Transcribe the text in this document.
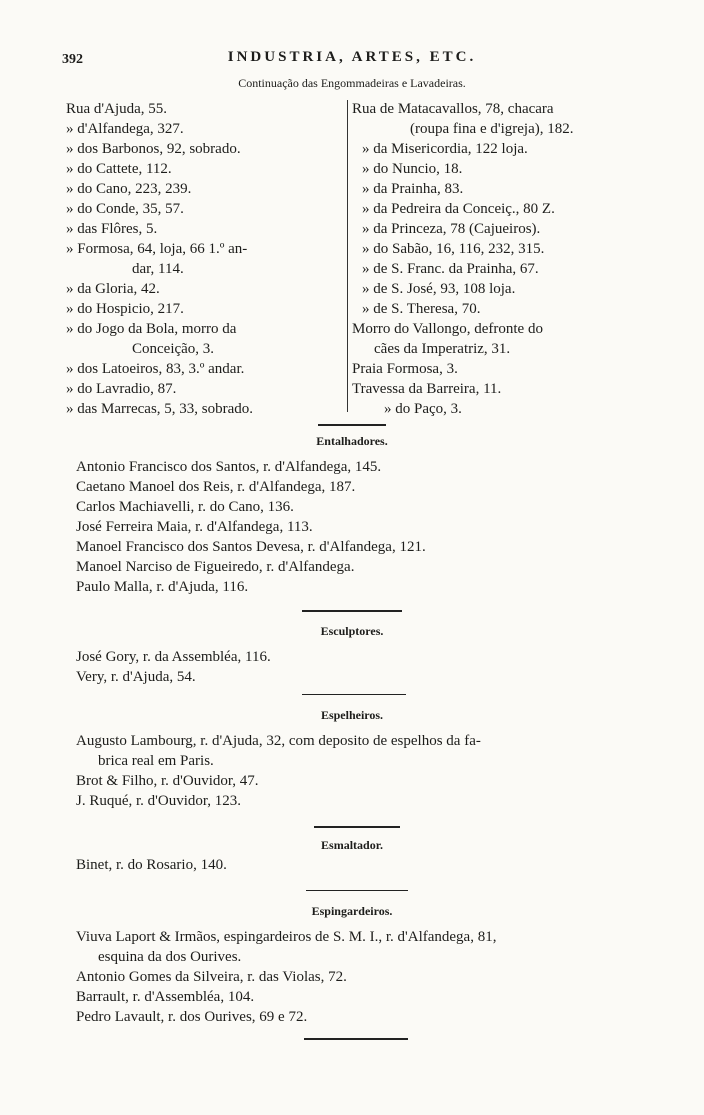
392	INDUSTRIA, ARTES, ETC.
Continuação das Engommadeiras e Lavadeiras.
Rua d'Ajuda, 55.
» d'Alfandega, 327.
» dos Barbonos, 92, sobrado.
» do Cattete, 112.
» do Cano, 223, 239.
» do Conde, 35, 57.
» das Flôres, 5.
» Formosa, 64, loja, 66 1.º an-
dar, 114.
» da Gloria, 42.
» do Hospicio, 217.
» do Jogo da Bola, morro da
Conceição, 3.
» dos Latoeiros, 83, 3.º andar.
» do Lavradio, 87.
» das Marrecas, 5, 33, sobrado.
Rua de Matacavallos, 78, chacara
(roupa fina e d'igreja), 182.
» da Misericordia, 122 loja.
» do Nuncio, 18.
» da Prainha, 83.
» da Pedreira da Conceiç., 80 Z.
» da Princeza, 78 (Cajueiros).
» do Sabão, 16, 116, 232, 315.
» de S. Franc. da Prainha, 67.
» de S. José, 93, 108 loja.
» de S. Theresa, 70.
Morro do Vallongo, defronte do
cães da Imperatriz, 31.
Praia Formosa, 3.
Travessa da Barreira, 11.
» do Paço, 3.
Entalhadores.
Antonio Francisco dos Santos, r. d'Alfandega, 145.
Caetano Manoel dos Reis, r. d'Alfandega, 187.
Carlos Machiavelli, r. do Cano, 136.
José Ferreira Maia, r. d'Alfandega, 113.
Manoel Francisco dos Santos Devesa, r. d'Alfandega, 121.
Manoel Narciso de Figueiredo, r. d'Alfandega.
Paulo Malla, r. d'Ajuda, 116.
Esculptores.
José Gory, r. da Assembléa, 116.
Very, r. d'Ajuda, 54.
Espelheiros.
Augusto Lambourg, r. d'Ajuda, 32, com deposito de espelhos da fa-
brica real em Paris.
Brot & Filho, r. d'Ouvidor, 47.
J. Ruqué, r. d'Ouvidor, 123.
Esmaltador.
Binet, r. do Rosario, 140.
Espingardeiros.
Viuva Laport & Irmãos, espingardeiros de S. M. I., r. d'Alfandega, 81,
esquina da dos Ourives.
Antonio Gomes da Silveira, r. das Violas, 72.
Barrault, r. d'Assembléa, 104.
Pedro Lavault, r. dos Ourives, 69 e 72.
